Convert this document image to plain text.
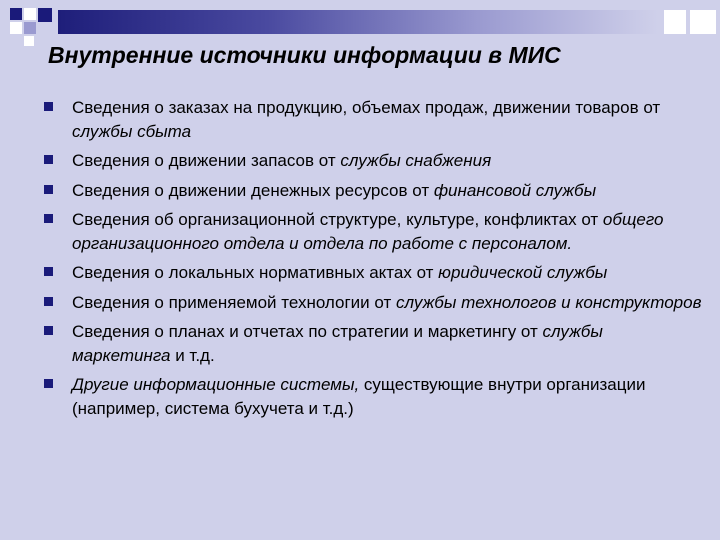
Внутренние источники информации в МИС
Сведения о заказах на продукцию, объемах продаж, движении товаров от службы сбыта
Сведения о движении запасов от службы снабжения
Сведения о движении денежных ресурсов от финансовой службы
Сведения об организационной структуре, культуре, конфликтах от общего организационного отдела и отдела по работе с персоналом.
Сведения о локальных нормативных актах от юридической службы
Сведения о применяемой технологии от службы технологов и конструкторов
Сведения о планах и отчетах по стратегии и маркетингу от службы маркетинга и т.д.
Другие информационные системы, существующие внутри организации (например, система бухучета и т.д.)
